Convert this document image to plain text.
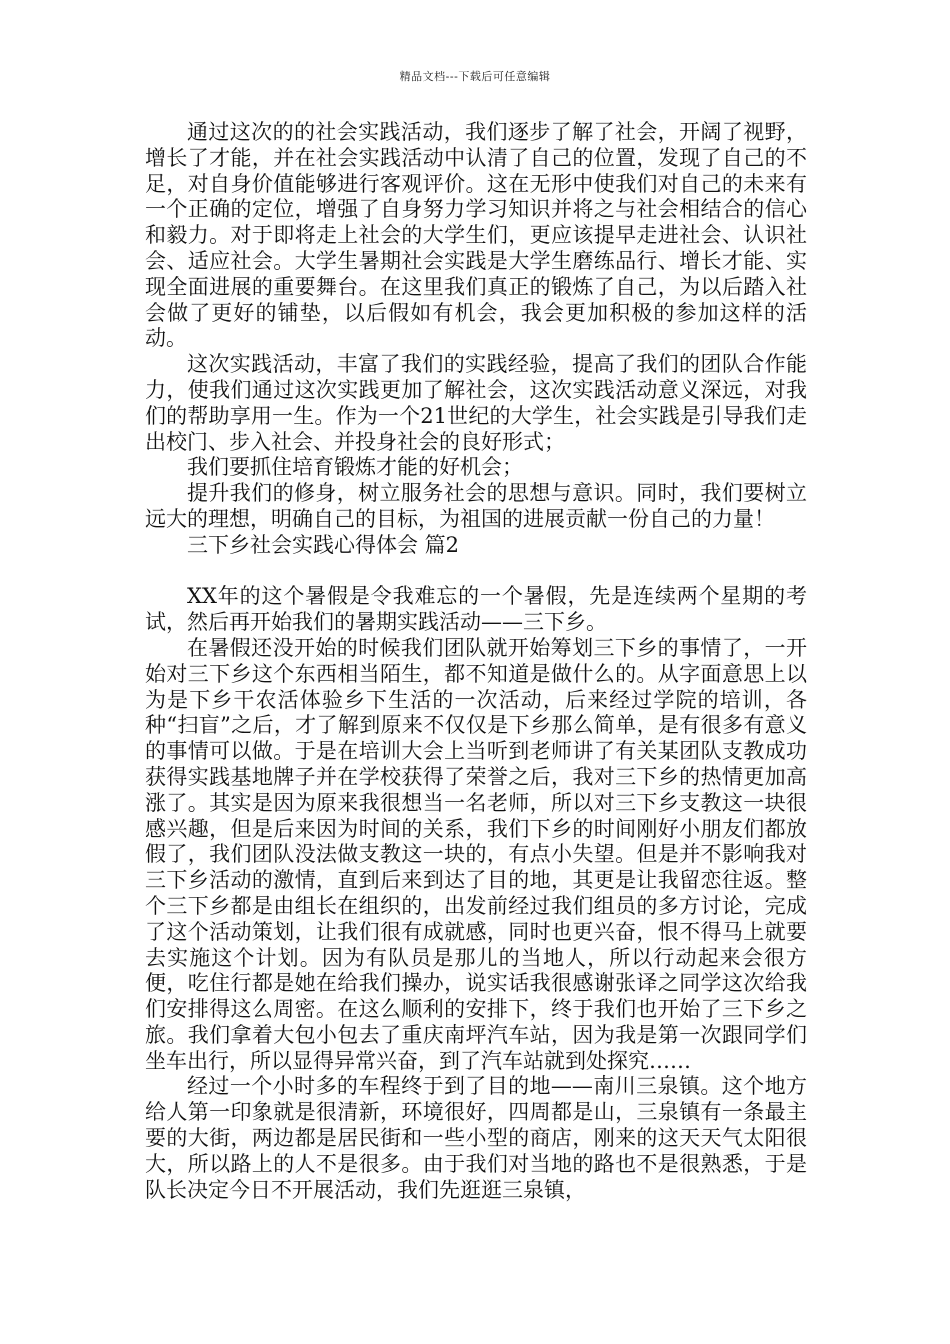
精品文档---下载后可任意编辑

通过这次的的社会实践活动，我们逐步了解了社会，开阔了视野，增长了才能，并在社会实践活动中认清了自己的位置，发现了自己的不足，对自身价值能够进行客观评价。这在无形中使我们对自己的未来有一个正确的定位，增强了自身努力学习知识并将之与社会相结合的信心和毅力。对于即将走上社会的大学生们，更应该提早走进社会、认识社会、适应社会。大学生暑期社会实践是大学生磨练品行、增长才能、实现全面进展的重要舞台。在这里我们真正的锻炼了自己，为以后踏入社会做了更好的铺垫，以后假如有机会，我会更加积极的参加这样的活动。

这次实践活动，丰富了我们的实践经验，提高了我们的团队合作能力，使我们通过这次实践更加了解社会，这次实践活动意义深远，对我们的帮助享用一生。作为一个21世纪的大学生，社会实践是引导我们走出校门、步入社会、并投身社会的良好形式；

我们要抓住培育锻炼才能的好机会；

提升我们的修身，树立服务社会的思想与意识。同时，我们要树立远大的理想，明确自己的目标，为祖国的进展贡献一份自己的力量！

三下乡社会实践心得体会 篇2

XX年的这个暑假是令我难忘的一个暑假，先是连续两个星期的考试，然后再开始我们的暑期实践活动——三下乡。

在暑假还没开始的时候我们团队就开始筹划三下乡的事情了，一开始对三下乡这个东西相当陌生，都不知道是做什么的。从字面意思上以为是下乡干农活体验乡下生活的一次活动，后来经过学院的培训，各种“扫盲”之后，才了解到原来不仅仅是下乡那么简单，是有很多有意义的事情可以做。于是在培训大会上当听到老师讲了有关某团队支教成功获得实践基地牌子并在学校获得了荣誉之后，我对三下乡的热情更加高涨了。其实是因为原来我很想当一名老师，所以对三下乡支教这一块很感兴趣，但是后来因为时间的关系，我们下乡的时间刚好小朋友们都放假了，我们团队没法做支教这一块的，有点小失望。但是并不影响我对三下乡活动的激情，直到后来到达了目的地，其更是让我留恋往返。整个三下乡都是由组长在组织的，出发前经过我们组员的多方讨论，完成了这个活动策划，让我们很有成就感，同时也更兴奋，恨不得马上就要去实施这个计划。因为有队员是那儿的当地人，所以行动起来会很方便，吃住行都是她在给我们操办，说实话我很感谢张译之同学这次给我们安排得这么周密。在这么顺利的安排下，终于我们也开始了三下乡之旅。我们拿着大包小包去了重庆南坪汽车站，因为我是第一次跟同学们坐车出行，所以显得异常兴奋，到了汽车站就到处探究……

经过一个小时多的车程终于到了目的地——南川三泉镇。这个地方给人第一印象就是很清新，环境很好，四周都是山，三泉镇有一条最主要的大街，两边都是居民街和一些小型的商店，刚来的这天天气太阳很大，所以路上的人不是很多。由于我们对当地的路也不是很熟悉，于是队长决定今日不开展活动，我们先逛逛三泉镇，
